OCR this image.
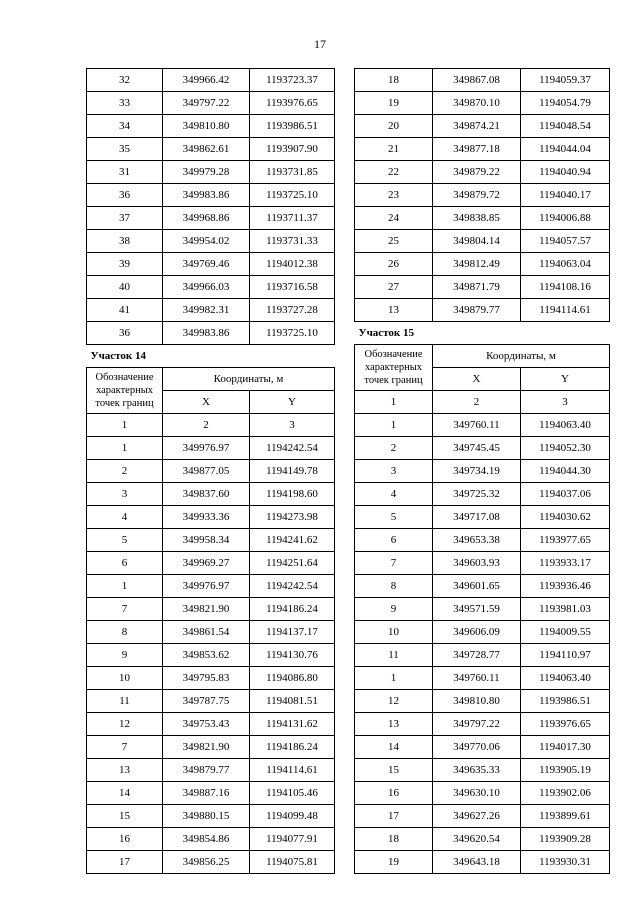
17
32	349966.42	1193723.37
33	349797.22	1193976.65
34	349810.80	1193986.51
35	349862.61	1193907.90
31	349979.28	1193731.85
36	349983.86	1193725.10
37	349968.86	1193711.37
38	349954.02	1193731.33
39	349769.46	1194012.38
40	349966.03	1193716.58
41	349982.31	1193727.28
36	349983.86	1193725.10
Участок 14		
Обозначение характерных точек границ	Координаты, м	
	X	Y
1	2	3
1	349976.97	1194242.54
2	349877.05	1194149.78
3	349837.60	1194198.60
4	349933.36	1194273.98
5	349958.34	1194241.62
6	349969.27	1194251.64
1	349976.97	1194242.54
7	349821.90	1194186.24
8	349861.54	1194137.17
9	349853.62	1194130.76
10	349795.83	1194086.80
11	349787.75	1194081.51
12	349753.43	1194131.62
7	349821.90	1194186.24
13	349879.77	1194114.61
14	349887.16	1194105.46
15	349880.15	1194099.48
16	349854.86	1194077.91
17	349856.25	1194075.81
18	349867.08	1194059.37
19	349870.10	1194054.79
20	349874.21	1194048.54
21	349877.18	1194044.04
22	349879.22	1194040.94
23	349879.72	1194040.17
24	349838.85	1194006.88
25	349804.14	1194057.57
26	349812.49	1194063.04
27	349871.79	1194108.16
13	349879.77	1194114.61
Участок 15		
Обозначение характерных точек границ	Координаты, м	
	X	Y
1	2	3
1	349760.11	1194063.40
2	349745.45	1194052.30
3	349734.19	1194044.30
4	349725.32	1194037.06
5	349717.08	1194030.62
6	349653.38	1193977.65
7	349603.93	1193933.17
8	349601.65	1193936.46
9	349571.59	1193981.03
10	349606.09	1194009.55
11	349728.77	1194110.97
1	349760.11	1194063.40
12	349810.80	1193986.51
13	349797.22	1193976.65
14	349770.06	1194017.30
15	349635.33	1193905.19
16	349630.10	1193902.06
17	349627.26	1193899.61
18	349620.54	1193909.28
19	349643.18	1193930.31
